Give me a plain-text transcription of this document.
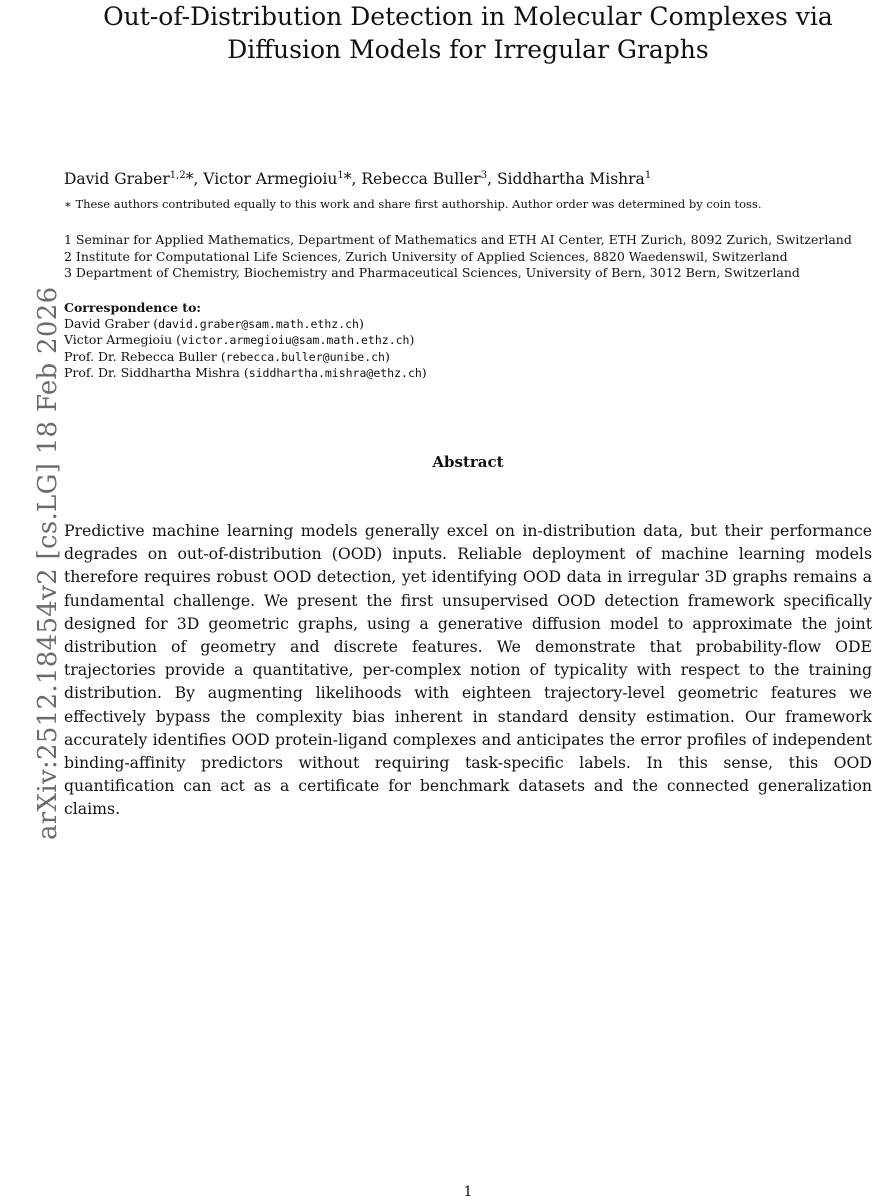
arXiv:2512.18454v2 [cs.LG] 18 Feb 2026
Out-of-Distribution Detection in Molecular Complexes via Diffusion Models for Irregular Graphs
David Graber$^{1,2}$*, Victor Armegioiu$^1$*, Rebecca Buller$^3$, Siddhartha Mishra$^1$
∗ These authors contributed equally to this work and share first authorship. Author order was determined by coin toss.
1 Seminar for Applied Mathematics, Department of Mathematics and ETH AI Center, ETH Zurich, 8092 Zurich, Switzerland
2 Institute for Computational Life Sciences, Zurich University of Applied Sciences, 8820 Waedenswil, Switzerland
3 Department of Chemistry, Biochemistry and Pharmaceutical Sciences, University of Bern, 3012 Bern, Switzerland
Correspondence to:
David Graber (david.graber@sam.math.ethz.ch)
Victor Armegioiu (victor.armegioiu@sam.math.ethz.ch)
Prof. Dr. Rebecca Buller (rebecca.buller@unibe.ch)
Prof. Dr. Siddhartha Mishra (siddhartha.mishra@ethz.ch)
Abstract

Predictive machine learning models generally excel on in-distribution data, but their performance degrades on out-of-distribution (OOD) inputs. Reliable deployment of machine learning models therefore requires robust OOD detection, yet identifying OOD data in irregular 3D graphs remains a fundamental challenge. We present the first unsupervised OOD detection framework specifically designed for 3D geometric graphs, using a generative diffusion model to approximate the joint distribution of geometry and discrete features. We demonstrate that probability-flow ODE trajectories provide a quantitative, per-complex notion of typicality with respect to the training distribution. By augmenting likelihoods with eighteen trajectory-level geometric features we effectively bypass the complexity bias inherent in standard density estimation. Our framework accurately identifies OOD protein-ligand complexes and anticipates the error profiles of independent binding-affinity predictors without requiring task-specific labels. In this sense, this OOD quantification can act as a certificate for benchmark datasets and the connected generalization claims.

1
